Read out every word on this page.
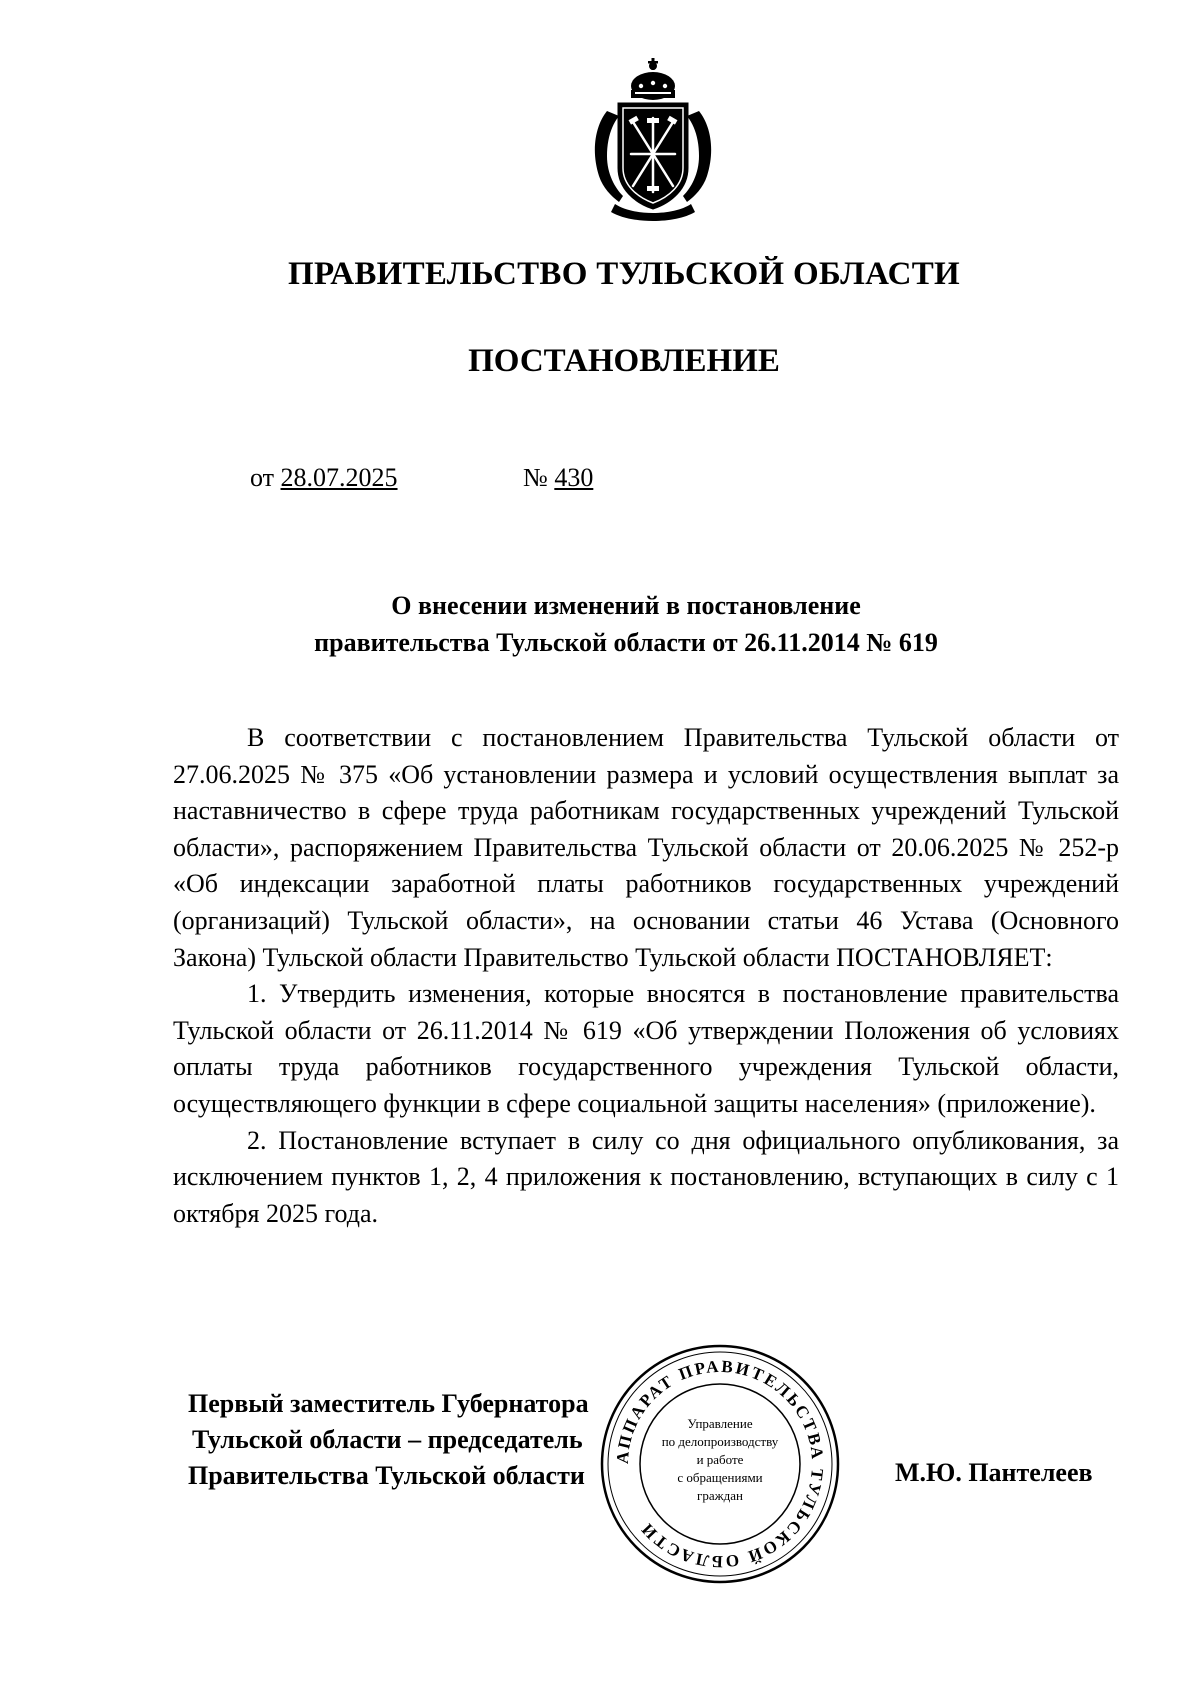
ПРАВИТЕЛЬСТВО ТУЛЬСКОЙ ОБЛАСТИ
ПОСТАНОВЛЕНИЕ
от 28.07.2025	№ 430
О внесении изменений в постановление
правительства Тульской области от 26.11.2014 № 619

В соответствии с постановлением Правительства Тульской области от 27.06.2025 № 375 «Об установлении размера и условий осуществления выплат за наставничество в сфере труда работникам государственных учреждений Тульской области», распоряжением Правительства Тульской области от 20.06.2025 № 252-р «Об индексации заработной платы работников государственных учреждений (организаций) Тульской области», на основании статьи 46 Устава (Основного Закона) Тульской области Правительство Тульской области ПОСТАНОВЛЯЕТ:

1. Утвердить изменения, которые вносятся в постановление правительства Тульской области от 26.11.2014 № 619 «Об утверждении Положения об условиях оплаты труда работников государственного учреждения Тульской области, осуществляющего функции в сфере социальной защиты населения» (приложение).

2. Постановление вступает в силу со дня официального опубликования, за исключением пунктов 1, 2, 4 приложения к постановлению, вступающих в силу с 1 октября 2025 года.

Первый заместитель Губернатора
Тульской области – председатель
Правительства Тульской области	М.Ю. Пантелеев
АППАРАТ ПРАВИТЕЛЬСТВА ТУЛЬСКОЙ ОБЛАСТИ
Управление
по делопроизводству
и работе
с обращениями
граждан
